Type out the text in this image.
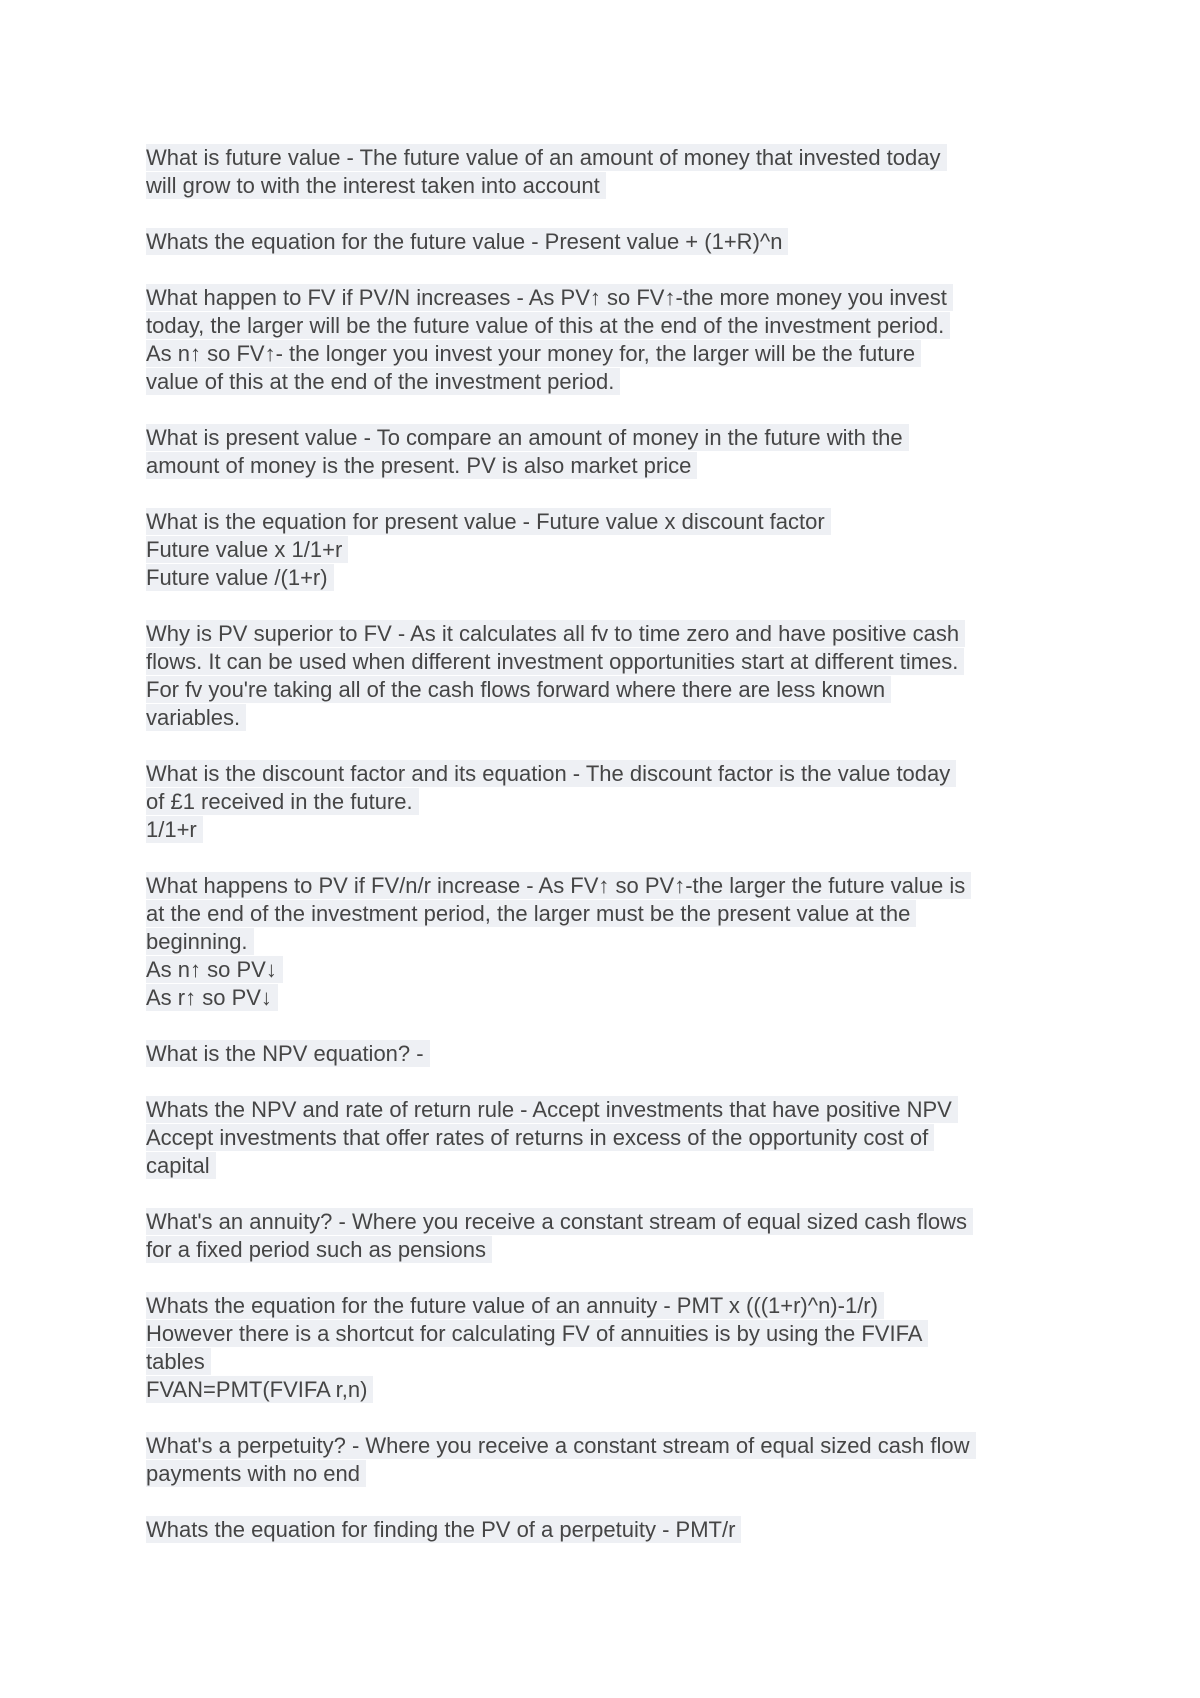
What is future value - The future value of an amount of money that invested today
will grow to with the interest taken into account
Whats the equation for the future value - Present value + (1+R)^n
What happen to FV if PV/N increases - As PV↑ so FV↑-the more money you invest
today, the larger will be the future value of this at the end of the investment period.
As n↑ so FV↑- the longer you invest your money for, the larger will be the future
value of this at the end of the investment period.
What is present value - To compare an amount of money in the future with the
amount of money is the present. PV is also market price
What is the equation for present value - Future value x discount factor
Future value x 1/1+r
Future value /(1+r)
Why is PV superior to FV - As it calculates all fv to time zero and have positive cash
flows. It can be used when different investment opportunities start at different times.
For fv you're taking all of the cash flows forward where there are less known
variables.
What is the discount factor and its equation - The discount factor is the value today
of £1 received in the future.
1/1+r
What happens to PV if FV/n/r increase - As FV↑ so PV↑-the larger the future value is
at the end of the investment period, the larger must be the present value at the
beginning.
As n↑ so PV↓
As r↑ so PV↓
What is the NPV equation? -
Whats the NPV and rate of return rule - Accept investments that have positive NPV
Accept investments that offer rates of returns in excess of the opportunity cost of
capital
What's an annuity? - Where you receive a constant stream of equal sized cash flows
for a fixed period such as pensions
Whats the equation for the future value of an annuity - PMT x (((1+r)^n)-1/r)
However there is a shortcut for calculating FV of annuities is by using the FVIFA
tables
FVAN=PMT(FVIFA r,n)
What's a perpetuity? - Where you receive a constant stream of equal sized cash flow
payments with no end
Whats the equation for finding the PV of a perpetuity - PMT/r
